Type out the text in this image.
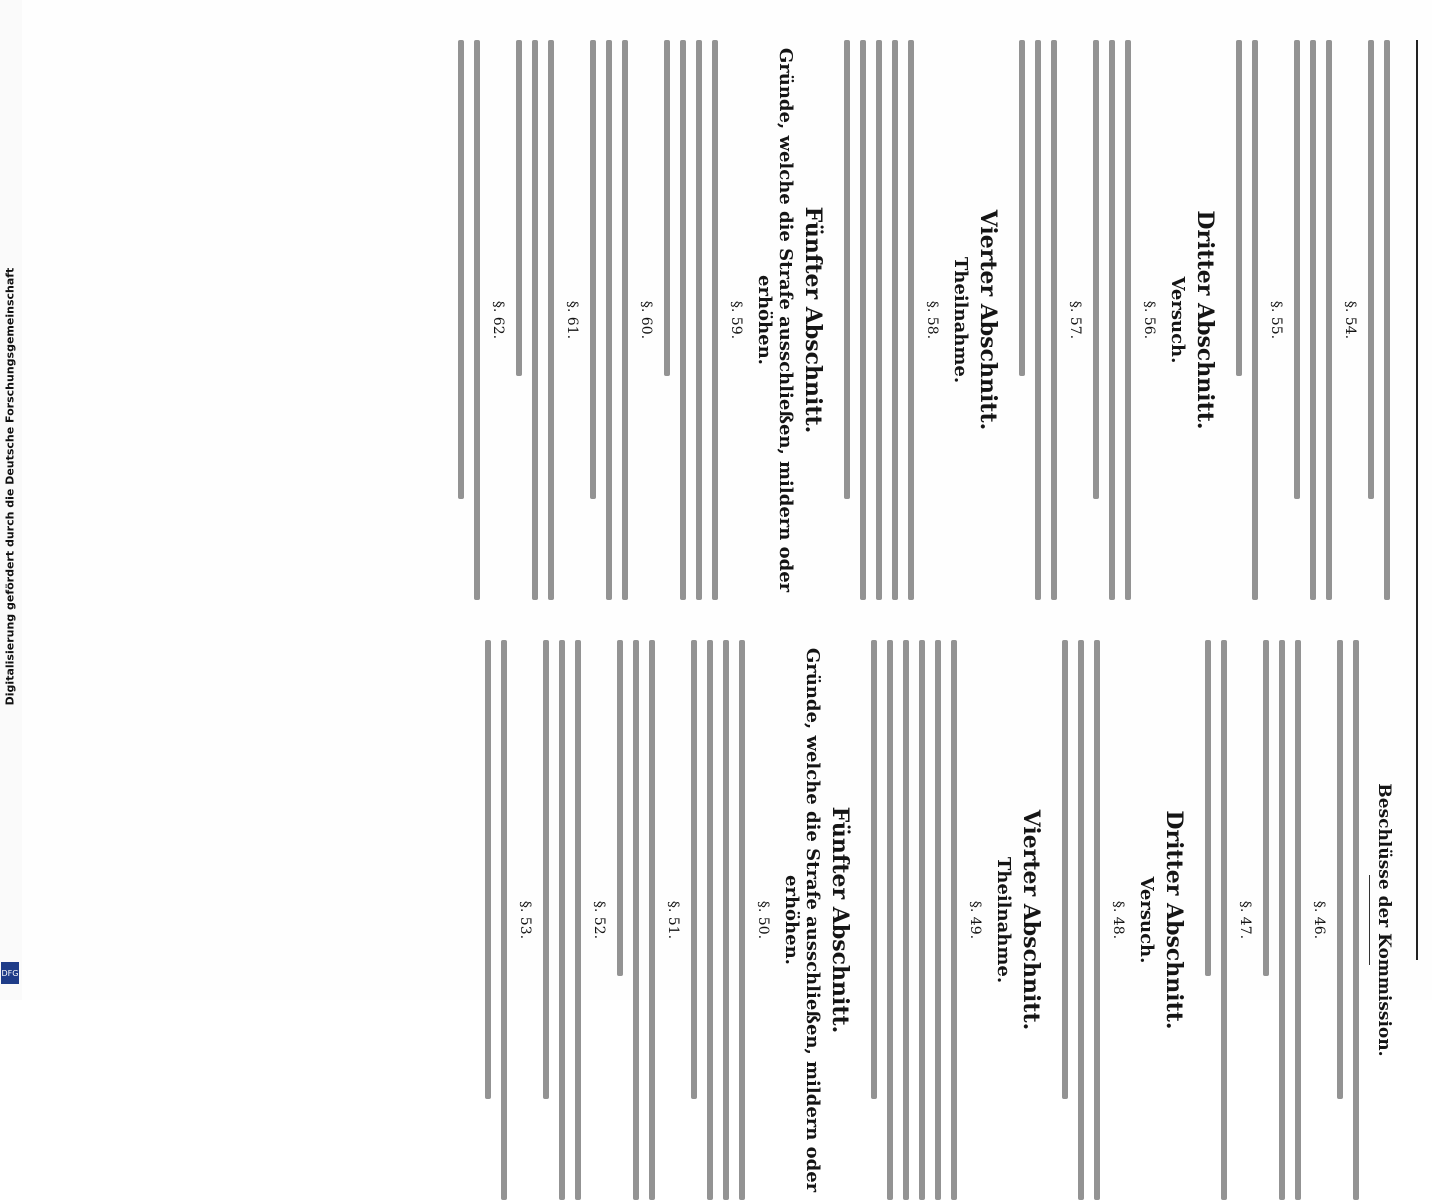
Digitalisierung gefördert durch die Deutsche Forschungsgemeinschaft
DFG
§. 54.
§. 55.
Dritter Abschnitt.
Versuch.
§. 56.
§. 57.
Vierter Abschnitt.
Theilnahme.
§. 58.
Fünfter Abschnitt.
Gründe, welche die Strafe ausschließen, mildern oder erhöhen.
§. 59.
§. 60.
§. 61.
§. 62.
Beschlüsse der Kommission.
§. 46.
§. 47.
Dritter Abschnitt.
Versuch.
§. 48.
Vierter Abschnitt.
Theilnahme.
§. 49.
Fünfter Abschnitt.
Gründe, welche die Strafe ausschließen, mildern oder erhöhen.
§. 50.
§. 51.
§. 52.
§. 53.
